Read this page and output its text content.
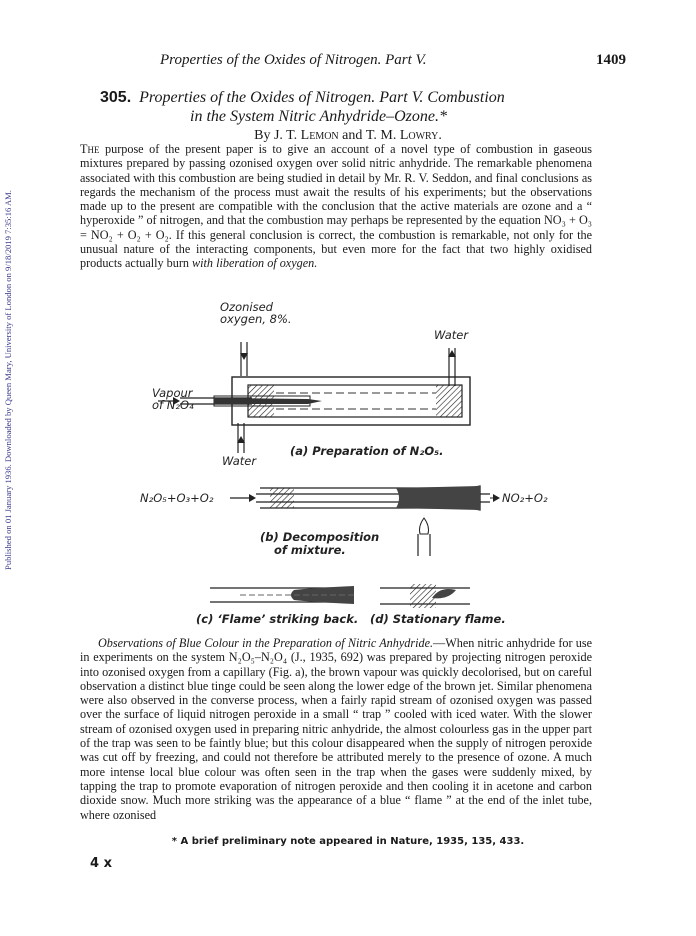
Published on 01 January 1936. Downloaded by Queen Mary, University of London on 9/18/2019 7:35:16 AM.
Properties of the Oxides of Nitrogen. Part V.	1409
305. Properties of the Oxides of Nitrogen. Part V. Combustion
in the System Nitric Anhydride–Ozone.*
By J. T. Lemon and T. M. Lowry.

The purpose of the present paper is to give an account of a novel type of combustion in gaseous mixtures prepared by passing ozonised oxygen over solid nitric anhydride. The remarkable phenomena associated with this combustion are being studied in detail by Mr. R. V. Seddon, and final conclusions as regards the mechanism of the process must await the results of his experiments; but the observations made up to the present are compatible with the conclusion that the active materials are ozone and a “ hyperoxide ” of nitrogen, and that the combustion may perhaps be represented by the equation NO₃ + O₃ = NO₂ + O₂ + O₂. If this general conclusion is correct, the combustion is remarkable, not only for the unusual nature of the interacting components, but even more for the fact that two highly oxidised products actually burn with liberation of oxygen.

Ozonised
oxygen, 8%.
Water
Vapour
of N₂O₄
Water
(a) Preparation of N₂O₅.
N₂O₅+O₃+O₂	NO₂+O₂
(b) Decomposition
of mixture.
(c) ‘Flame’ striking back. (d) Stationary flame.

Observations of Blue Colour in the Preparation of Nitric Anhydride.—When nitric anhydride for use in experiments on the system N₂O₅–N₂O₄ (J., 1935, 692) was prepared by projecting nitrogen peroxide into ozonised oxygen from a capillary (Fig. a), the brown vapour was quickly decolorised, but on careful observation a distinct blue tinge could be seen along the lower edge of the brown jet. Similar phenomena were also observed in the converse process, when a fairly rapid stream of ozonised oxygen was passed over the surface of liquid nitrogen peroxide in a small “ trap ” cooled with iced water. With the slower stream of ozonised oxygen used in preparing nitric anhydride, the almost colourless gas in the upper part of the trap was seen to be faintly blue; but this colour disappeared when the supply of nitrogen peroxide was cut off by freezing, and could not therefore be attributed merely to the presence of ozone. A much more intense local blue colour was often seen in the trap when the gases were suddenly mixed, by tapping the trap to promote evaporation of nitrogen peroxide and then cooling it in acetone and carbon dioxide snow. Much more striking was the appearance of a blue “ flame ” at the end of the inlet tube, where ozonised

* A brief preliminary note appeared in Nature, 1935, 135, 433.
4 x
